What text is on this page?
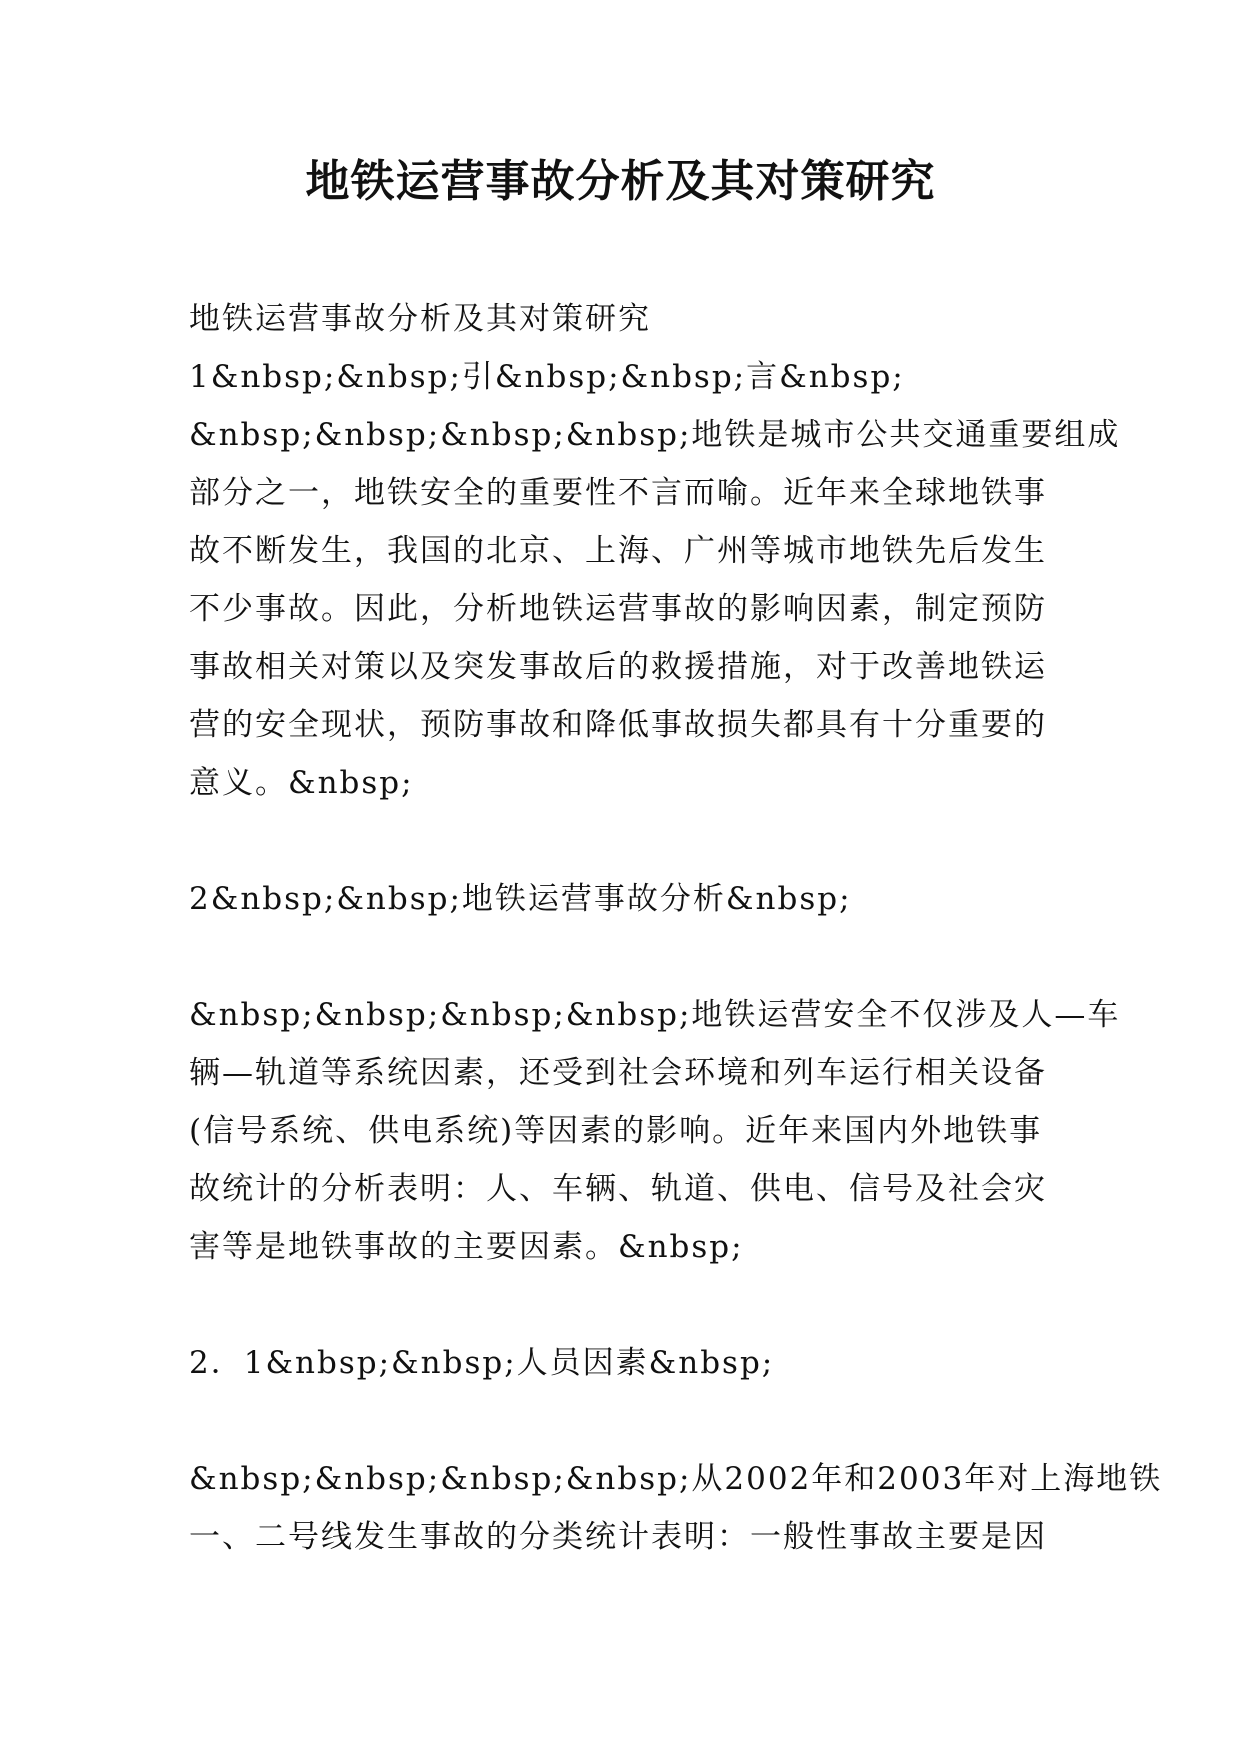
地铁运营事故分析及其对策研究
地铁运营事故分析及其对策研究
1&nbsp;&nbsp;引&nbsp;&nbsp;言&nbsp;
&nbsp;&nbsp;&nbsp;&nbsp;地铁是城市公共交通重要组成
部分之一，地铁安全的重要性不言而喻。近年来全球地铁事
故不断发生，我国的北京、上海、广州等城市地铁先后发生
不少事故。因此，分析地铁运营事故的影响因素，制定预防
事故相关对策以及突发事故后的救援措施，对于改善地铁运
营的安全现状，预防事故和降低事故损失都具有十分重要的
意义。&nbsp;
2&nbsp;&nbsp;地铁运营事故分析&nbsp;
&nbsp;&nbsp;&nbsp;&nbsp;地铁运营安全不仅涉及人—车
辆—轨道等系统因素，还受到社会环境和列车运行相关设备
(信号系统、供电系统)等因素的影响。近年来国内外地铁事
故统计的分析表明：人、车辆、轨道、供电、信号及社会灾
害等是地铁事故的主要因素。&nbsp;
2．1&nbsp;&nbsp;人员因素&nbsp;
&nbsp;&nbsp;&nbsp;&nbsp;从2002年和2003年对上海地铁
一、二号线发生事故的分类统计表明：一般性事故主要是因
